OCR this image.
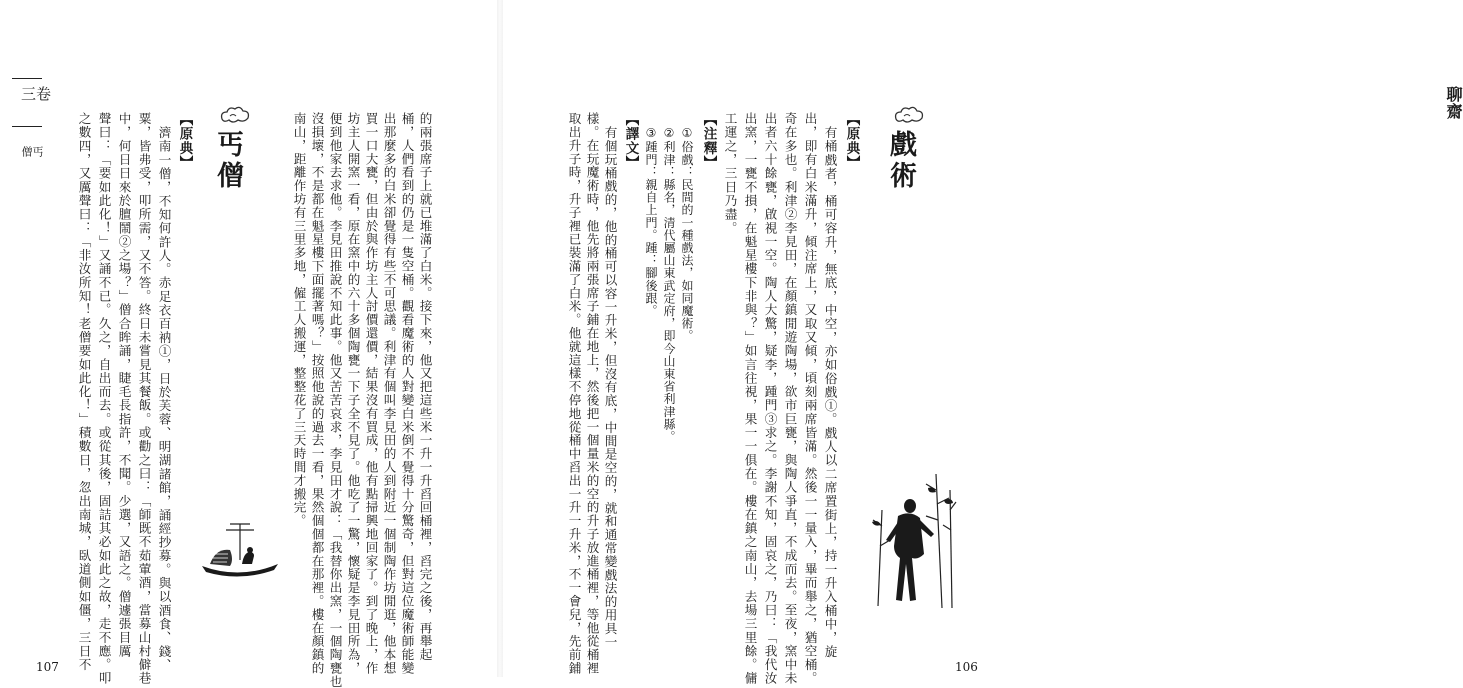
聊齋
戲術
【原典】
有桶戲者，桶可容升，無底，中空，亦如俗戲①。戲人以二席置街上，持一升入桶中，旋
出，即有白米滿升，傾注席上，又取又傾，頃刻兩席皆滿。然後一一量入，畢而舉之，猶空桶。
奇在多也。利津②李見田，在顏鎮閒遊陶場，欲市巨甕，與陶人爭直，不成而去。至夜，窯中未
出者六十餘甕，啟視一空。陶人大驚，疑李，踵門③求之。李謝不知，固哀之，乃曰：「我代汝
出窯，一甕不損，在魁星樓下非與？」如言往視，果一一俱在。樓在鎮之南山，去場三里餘。傭
工運之，三日乃盡。
【注釋】
①俗戲：民間的一種戲法，如同魔術。
②利津：縣名，清代屬山東武定府，即今山東省利津縣。
③踵門：親自上門。踵：腳後跟。
【譯文】
有個玩桶戲的，他的桶可以容一升米，但沒有底，中間是空的，就和通常變戲法的用具一
樣。在玩魔術時，他先將兩張席子鋪在地上，然後把一個量米的空的升子放進桶裡，等他從桶裡
取出升子時，升子裡已裝滿了白米。他就這樣不停地從桶中舀出一升一升米，不一會兒，先前鋪	106
卷三
丐僧	的兩張席子上就已堆滿了白米。接下來，他又把這些米一升一升舀回桶裡，舀完之後，再舉起
桶，人們看到的仍是一隻空桶。觀看魔術的人對變白米倒不覺得十分驚奇，但對這位魔術師能變
出那麼多的白米卻覺得有些不可思議。利津有個叫李見田的人到附近一個制陶作坊閒逛，他本想
買一口大甕，但由於與作坊主人討價還價，結果沒有買成，他有點掃興地回家了。到了晚上，作
坊主人開窯一看，原在窯中的六十多個陶甕一下子全不見了。他吃了一驚，懷疑是李見田所為，
便到他家去求他。李見田推說不知此事。他又苦苦哀求，李見田才說：「我替你出窯，一個陶甕也
沒損壞，不是都在魁星樓下面擺著嗎？」按照他說的過去一看，果然個個都在那裡。樓在顏鎮的
南山，距離作坊有三里多地，僱工人搬運，整整花了三天時間才搬完。
丐僧
【原典】
濟南一僧，不知何許人。赤足衣百衲①，日於芙蓉、明湖諸館，誦經抄募。與以酒食、錢、
粟，皆弗受，叩所需，又不答。終日未嘗見其餐飯。或勸之曰：「師既不茹葷酒，當募山村僻巷
中，何日日來於膻鬧②之場？」僧合眸誦，睫毛長指許，不聞。少選，又語之。僧遽張目厲
聲曰：「要如此化！」又誦不已。久之，自出而去。或從其後，固詰其必如此之故，走不應。叩
之數四，又厲聲曰：「非汝所知！老僧要如此化！」積數日，忽出南城，臥道側如僵，三日不
107
